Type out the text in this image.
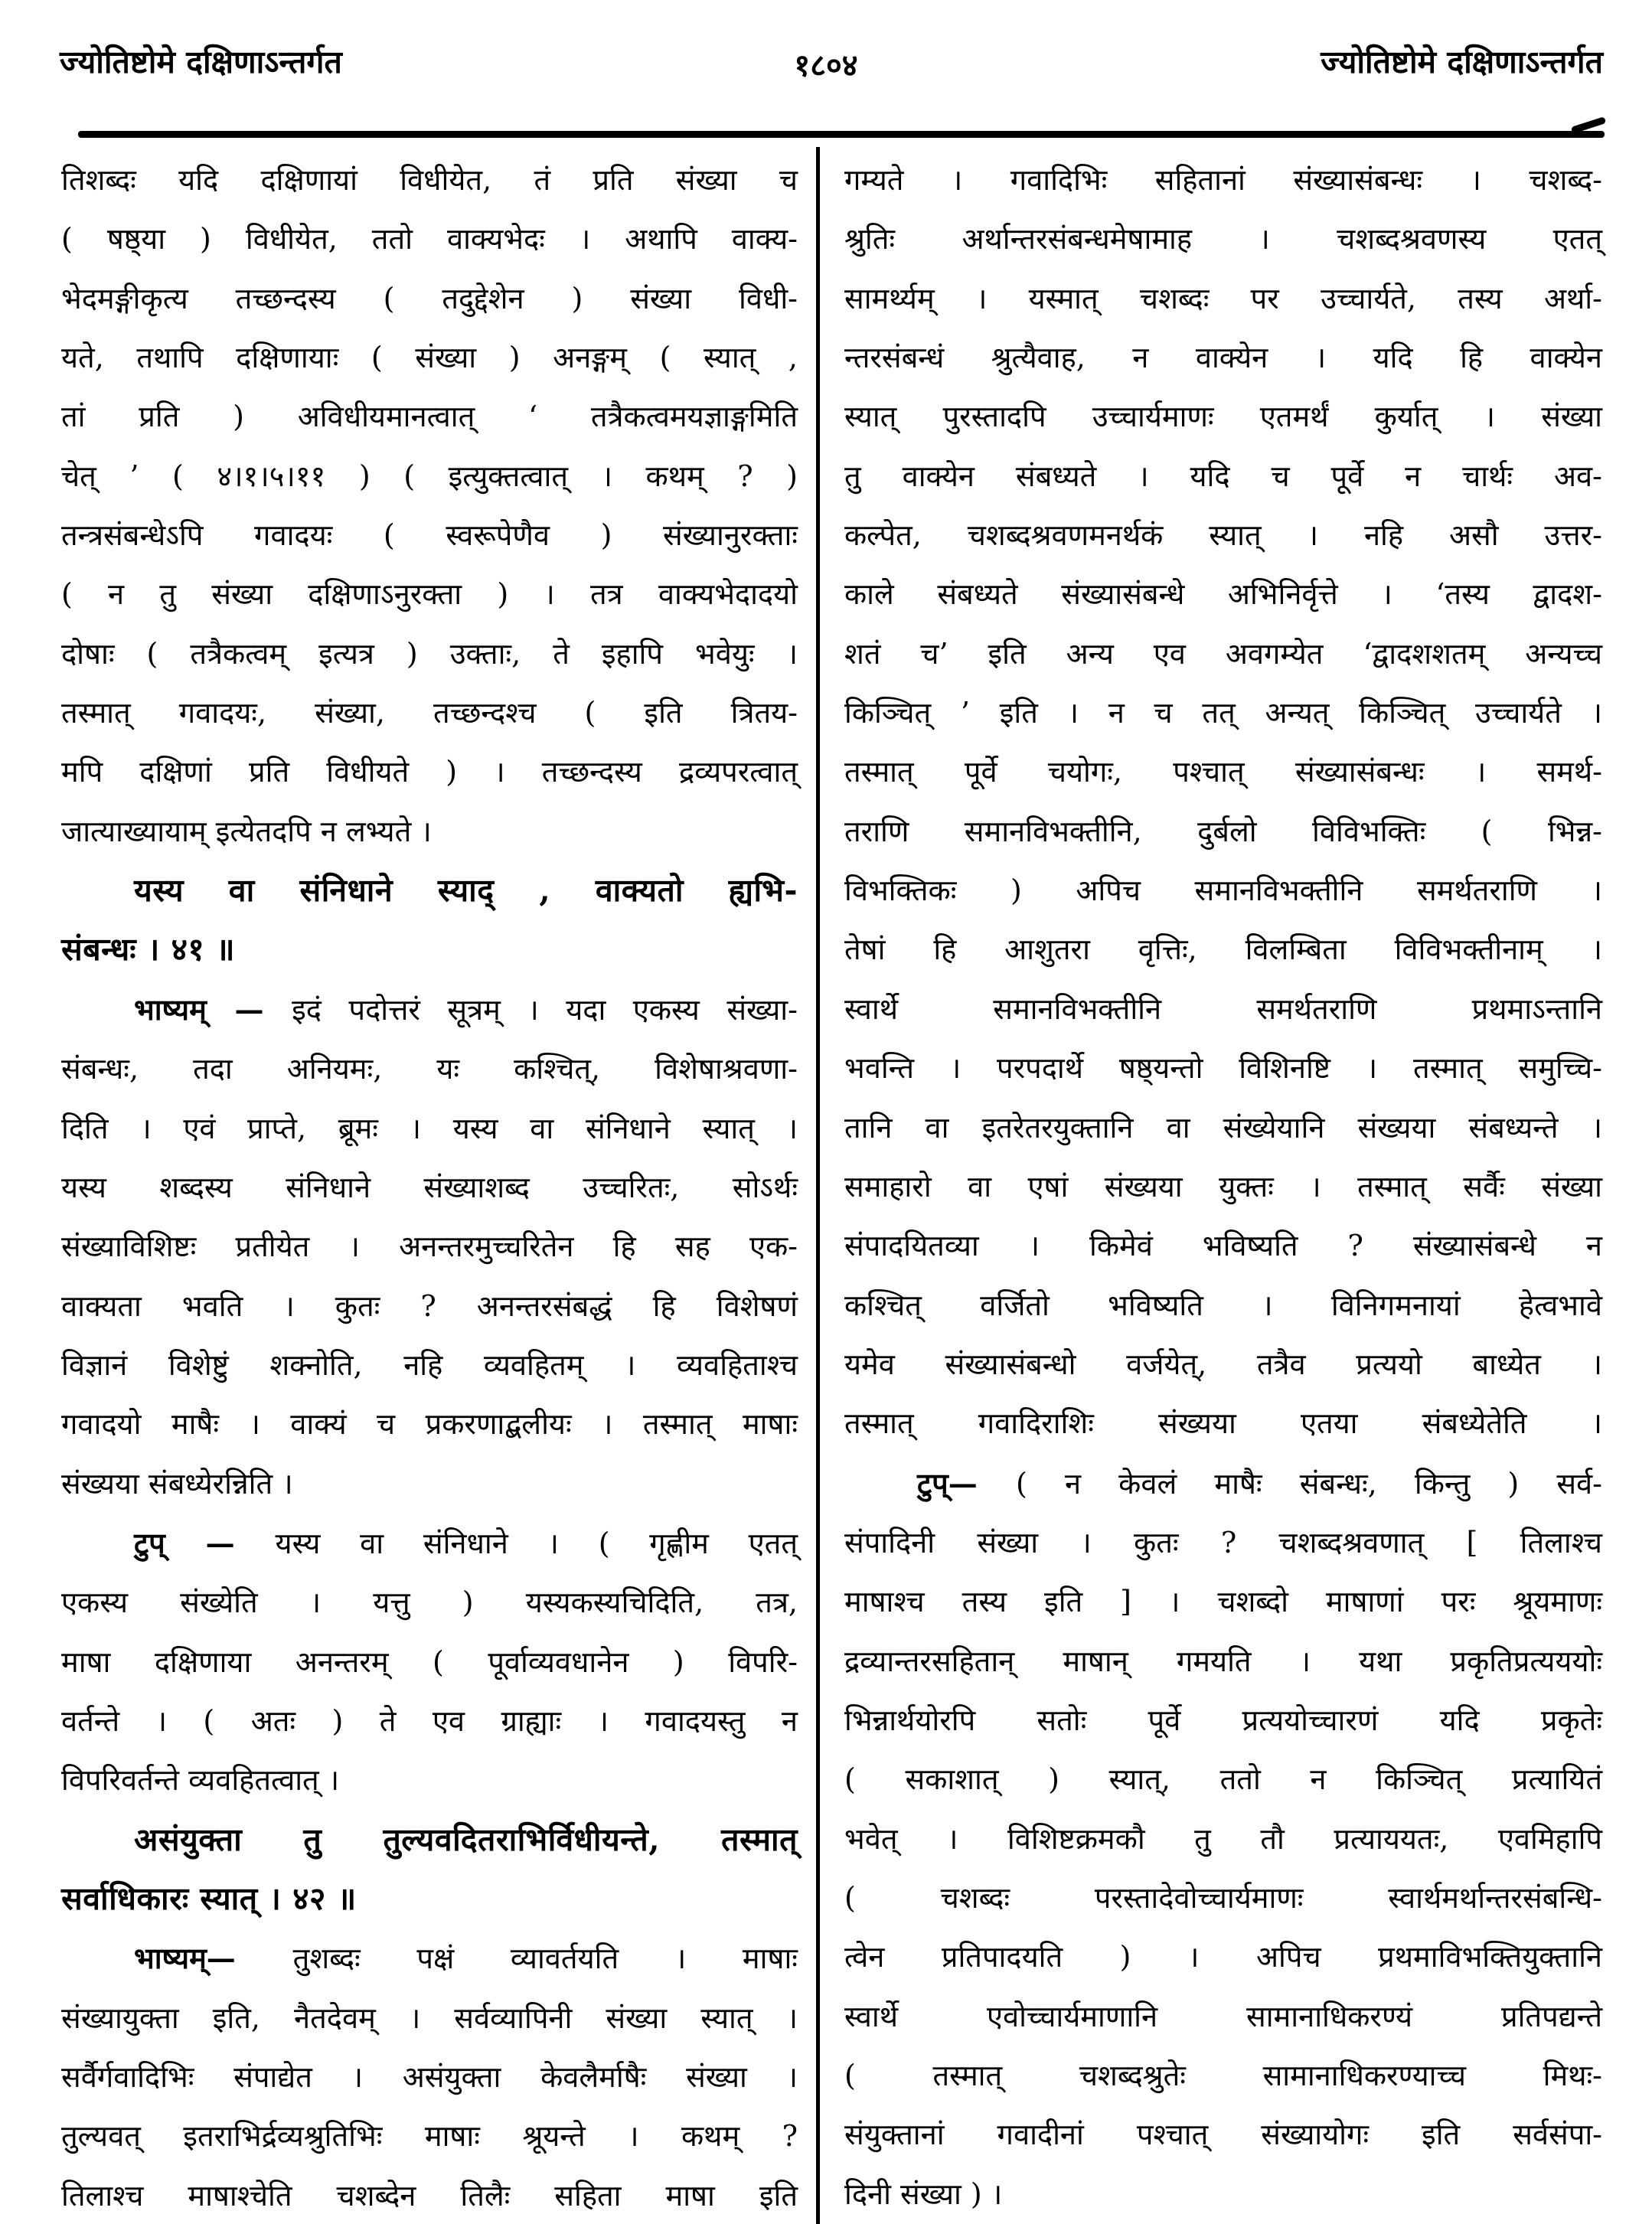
ज्योतिष्टोमे दक्षिणाऽन्तर्गत	१८०४	ज्योतिष्टोमे दक्षिणाऽन्तर्गत

तिशब्दः यदि दक्षिणायां विधीयेत, तं प्रति संख्या च

( षष्ठ्या ) विधीयेत, ततो वाक्यभेदः । अथापि वाक्य-

भेदमङ्गीकृत्य तच्छन्दस्य ( तदुद्देशेन ) संख्या विधी-

यते, तथापि दक्षिणायाः ( संख्या ) अनङ्गम् ( स्यात् ,

तां प्रति ) अविधीयमानत्वात् ‘ तत्रैकत्वमयज्ञाङ्गमिति

चेत् ’ ( ४।१।५।११ ) ( इत्युक्तत्वात् । कथम् ? )

तन्त्रसंबन्धेऽपि गवादयः ( स्वरूपेणैव ) संख्यानुरक्ताः

( न तु संख्या दक्षिणाऽनुरक्ता ) । तत्र वाक्यभेदादयो

दोषाः ( तत्रैकत्वम् इत्यत्र ) उक्ताः, ते इहापि भवेयुः ।

तस्मात् गवादयः, संख्या, तच्छन्दश्च ( इति त्रितय-

मपि दक्षिणां प्रति विधीयते ) । तच्छन्दस्य द्रव्यपरत्वात्

जात्याख्यायाम् इत्येतदपि न लभ्यते ।

यस्य वा संनिधाने स्याद् , वाक्यतो ह्यभि-

संबन्धः । ४१ ॥

भाष्यम् — इदं पदोत्तरं सूत्रम् । यदा एकस्य संख्या-

संबन्धः, तदा अनियमः, यः कश्चित्, विशेषाश्रवणा-

दिति । एवं प्राप्ते, ब्रूमः । यस्य वा संनिधाने स्यात् ।

यस्य शब्दस्य संनिधाने संख्याशब्द उच्चरितः, सोऽर्थः

संख्याविशिष्टः प्रतीयेत । अनन्तरमुच्चरितेन हि सह एक-

वाक्यता भवति । कुतः ? अनन्तरसंबद्धं हि विशेषणं

विज्ञानं विशेष्टुं शक्नोति, नहि व्यवहितम् । व्यवहिताश्च

गवादयो माषैः । वाक्यं च प्रकरणाद्बलीयः । तस्मात् माषाः

संख्यया संबध्येरन्निति ।

टुप् — यस्य वा संनिधाने । ( गृह्णीम एतत्

एकस्य संख्येति । यत्तु ) यस्यकस्यचिदिति, तत्र,

माषा दक्षिणाया अनन्तरम् ( पूर्वाव्यवधानेन ) विपरि-

वर्तन्ते । ( अतः ) ते एव ग्राह्याः । गवादयस्तु न

विपरिवर्तन्ते व्यवहितत्वात् ।

असंयुक्ता तु तुल्यवदितराभिर्विधीयन्ते, तस्मात्

सर्वाधिकारः स्यात् । ४२ ॥

भाष्यम्— तुशब्दः पक्षं व्यावर्तयति । माषाः

संख्यायुक्ता इति, नैतदेवम् । सर्वव्यापिनी संख्या स्यात् ।

सर्वैर्गवादिभिः संपाद्येत । असंयुक्ता केवलैर्माषैः संख्या ।

तुल्यवत् इतराभिर्द्रव्यश्रुतिभिः माषाः श्रूयन्ते । कथम् ?

तिलाश्च माषाश्चेति चशब्देन तिलैः सहिता माषा इति

गम्यते । गवादिभिः सहितानां संख्यासंबन्धः । चशब्द-

श्रुतिः अर्थान्तरसंबन्धमेषामाह । चशब्दश्रवणस्य एतत्

सामर्थ्यम् । यस्मात् चशब्दः पर उच्चार्यते, तस्य अर्था-

न्तरसंबन्धं श्रुत्यैवाह, न वाक्येन । यदि हि वाक्येन

स्यात् पुरस्तादपि उच्चार्यमाणः एतमर्थं कुर्यात् । संख्या

तु वाक्येन संबध्यते । यदि च पूर्वे न चार्थः अव-

कल्पेत, चशब्दश्रवणमनर्थकं स्यात् । नहि असौ उत्तर-

काले संबध्यते संख्यासंबन्धे अभिनिर्वृत्ते । ‘तस्य द्वादश-

शतं च’ इति अन्य एव अवगम्येत ‘द्वादशशतम् अन्यच्च

किञ्चित् ’ इति । न च तत् अन्यत् किञ्चित् उच्चार्यते ।

तस्मात् पूर्वे चयोगः, पश्चात् संख्यासंबन्धः । समर्थ-

तराणि समानविभक्तीनि, दुर्बलो विविभक्तिः ( भिन्न-

विभक्तिकः ) अपिच समानविभक्तीनि समर्थतराणि ।

तेषां हि आशुतरा वृत्तिः, विलम्बिता विविभक्तीनाम् ।

स्वार्थे समानविभक्तीनि समर्थतराणि प्रथमाऽन्तानि

भवन्ति । परपदार्थे षष्ठ्यन्तो विशिनष्टि । तस्मात् समुच्चि-

तानि वा इतरेतरयुक्तानि वा संख्येयानि संख्यया संबध्यन्ते ।

समाहारो वा एषां संख्यया युक्तः । तस्मात् सर्वैः संख्या

संपादयितव्या । किमेवं भविष्यति ? संख्यासंबन्धे न

कश्चित् वर्जितो भविष्यति । विनिगमनायां हेत्वभावे

यमेव संख्यासंबन्धो वर्जयेत्, तत्रैव प्रत्ययो बाध्येत ।

तस्मात् गवादिराशिः संख्यया एतया संबध्येतेति ।

टुप्— ( न केवलं माषैः संबन्धः, किन्तु ) सर्व-

संपादिनी संख्या । कुतः ? चशब्दश्रवणात् [ तिलाश्च

माषाश्च तस्य इति ] । चशब्दो माषाणां परः श्रूयमाणः

द्रव्यान्तरसहितान् माषान् गमयति । यथा प्रकृतिप्रत्यययोः

भिन्नार्थयोरपि सतोः पूर्वे प्रत्ययोच्चारणं यदि प्रकृतेः

( सकाशात् ) स्यात्, ततो न किञ्चित् प्रत्यायितं

भवेत् । विशिष्टक्रमकौ तु तौ प्रत्याययतः, एवमिहापि

( चशब्दः परस्तादेवोच्चार्यमाणः स्वार्थमर्थान्तरसंबन्धि-

त्वेन प्रतिपादयति ) । अपिच प्रथमाविभक्तियुक्तानि

स्वार्थे एवोच्चार्यमाणानि सामानाधिकरण्यं प्रतिपद्यन्ते

( तस्मात् चशब्दश्रुतेः सामानाधिकरण्याच्च मिथः-

संयुक्तानां गवादीनां पश्चात् संख्यायोगः इति सर्वसंपा-

दिनी संख्या ) ।
